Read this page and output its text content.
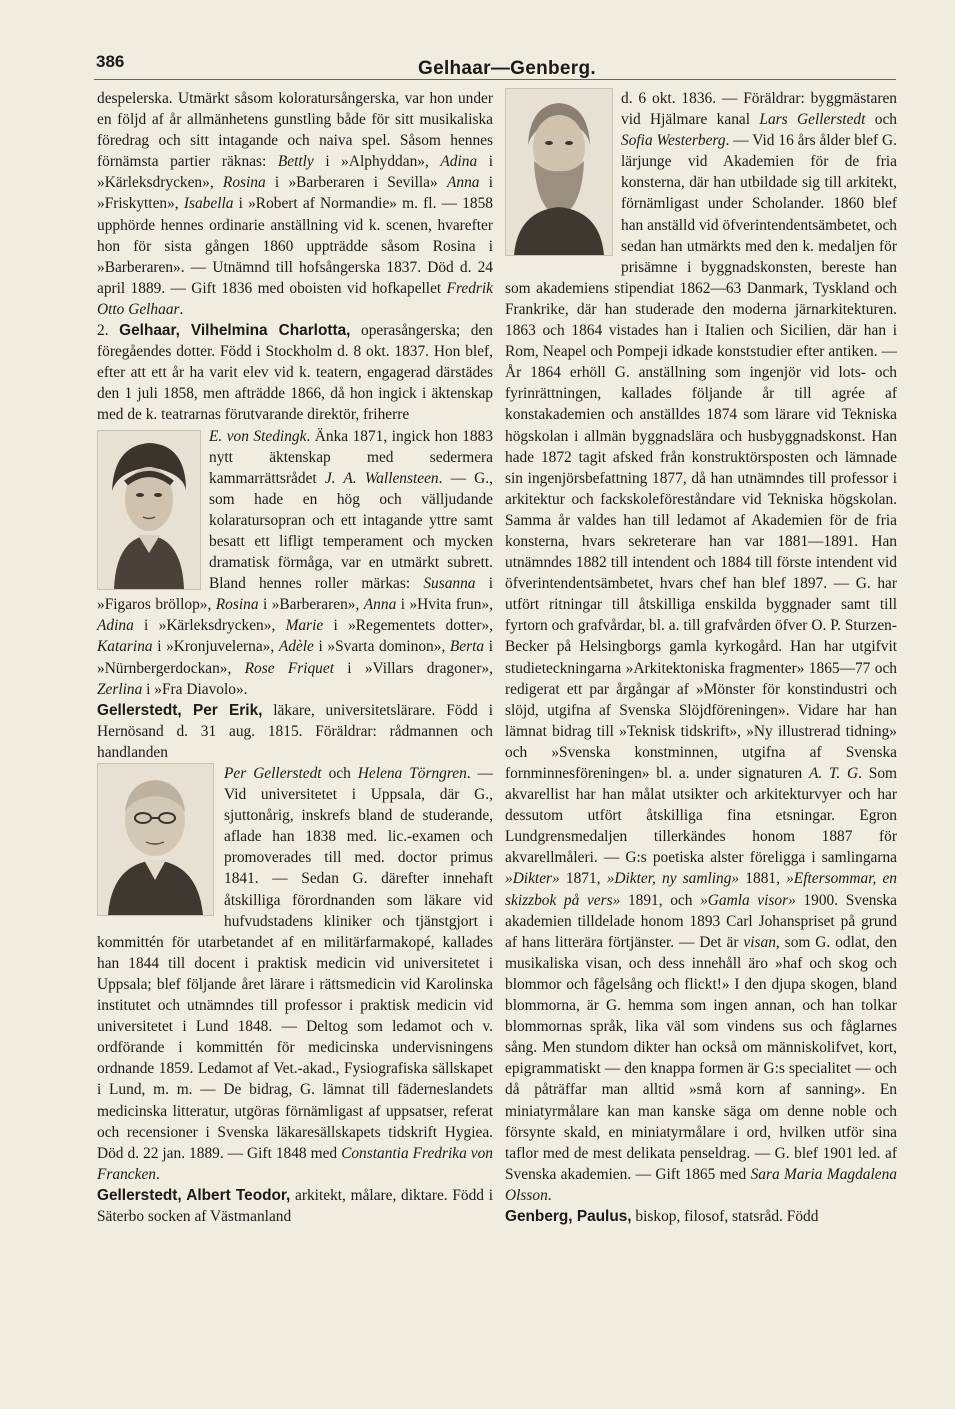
386	Gelhaar—Genberg.

despelerska. Utmärkt såsom koloratursångerska, var hon under en följd af år allmänhetens gunstling både för sitt musikaliska föredrag och sitt intagande och naiva spel. Såsom hennes förnämsta partier räknas: Bettly i »Alphyddan», Adina i »Kärleksdrycken», Rosina i »Barberaren i Sevilla» Anna i »Friskytten», Isabella i »Robert af Normandie» m. fl. — 1858 upphörde hennes ordinarie anställning vid k. scenen, hvarefter hon för sista gången 1860 uppträdde såsom Rosina i »Barberaren». — Utnämnd till hofsångerska 1837. Död d. 24 april 1889. — Gift 1836 med oboisten vid hofkapellet Fredrik Otto Gelhaar.

2. Gelhaar, Vilhelmina Charlotta, operasångerska; den föregåendes dotter. Född i Stockholm d. 8 okt. 1837. Hon blef, efter att ett år ha varit elev vid k. teatern, engagerad därstädes den 1 juli 1858, men afträdde 1866, då hon ingick i äktenskap med de k. teatrarnas förutvarande direktör, friherre

E. von Stedingk. Änka 1871, ingick hon 1883 nytt äktenskap med sedermera kammarrättsrådet J. A. Wallensteen. — G., som hade en hög och välljudande kolaratursopran och ett intagande yttre samt besatt ett lifligt temperament och mycken dramatisk förmåga, var en utmärkt subrett. Bland hennes roller märkas: Susanna i »Figaros bröllop», Rosina i »Barberaren», Anna i »Hvita frun», Adina i »Kärleksdrycken», Marie i »Regementets dotter», Katarina i »Kronjuvelerna», Adèle i »Svarta dominon», Berta i »Nürnbergerdockan», Rose Friquet i »Villars dragoner», Zerlina i »Fra Diavolo».

Gellerstedt, Per Erik, läkare, universitetslärare. Född i Hernösand d. 31 aug. 1815. Föräldrar: rådmannen och handlanden

Per Gellerstedt och Helena Törngren. — Vid universitetet i Uppsala, där G., sjuttonårig, inskrefs bland de studerande, aflade han 1838 med. lic.-examen och promoverades till med. doctor primus 1841. — Sedan G. därefter innehaft åtskilliga förordnanden som läkare vid hufvudstadens kliniker och tjänstgjort i kommittén för utarbetandet af en militärfarmakopé, kallades han 1844 till docent i praktisk medicin vid universitetet i Uppsala; blef följande året lärare i rättsmedicin vid Karolinska institutet och utnämndes till professor i praktisk medicin vid universitetet i Lund 1848. — Deltog som ledamot och v. ordförande i kommittén för medicinska undervisningens ordnande 1859. Ledamot af Vet.-akad., Fysiografiska sällskapet i Lund, m. m. — De bidrag, G. lämnat till fäderneslandets medicinska litteratur, utgöras förnämligast af uppsatser, referat och recensioner i Svenska läkaresällskapets tidskrift Hygiea. Död d. 22 jan. 1889. — Gift 1848 med Constantia Fredrika von Francken.

Gellerstedt, Albert Teodor, arkitekt, målare, diktare. Född i Säterbo socken af Västmanland

d. 6 okt. 1836. — Föräldrar: byggmästaren vid Hjälmare kanal Lars Gellerstedt och Sofia Westerberg. — Vid 16 års ålder blef G. lärjunge vid Akademien för de fria konsterna, där han utbildade sig till arkitekt, förnämligast under Scholander. 1860 blef han anställd vid öfverintendentsämbetet, och sedan han utmärkts med den k. medaljen för prisämne i byggnadskonsten, bereste han som akademiens stipendiat 1862—63 Danmark, Tyskland och Frankrike, där han studerade den moderna järnarkitekturen. 1863 och 1864 vistades han i Italien och Sicilien, där han i Rom, Neapel och Pompeji idkade konststudier efter antiken. — År 1864 erhöll G. anställning som ingenjör vid lots- och fyrinrättningen, kallades följande år till agrée af konstakademien och anställdes 1874 som lärare vid Tekniska högskolan i allmän byggnadslära och husbyggnadskonst. Han hade 1872 tagit afsked från konstruktörsposten och lämnade sin ingenjörsbefattning 1877, då han utnämndes till professor i arkitektur och fackskoleföreståndare vid Tekniska högskolan. Samma år valdes han till ledamot af Akademien för de fria konsterna, hvars sekreterare han var 1881—1891. Han utnämndes 1882 till intendent och 1884 till förste intendent vid öfverintendentsämbetet, hvars chef han blef 1897. — G. har utfört ritningar till åtskilliga enskilda byggnader samt till fyrtorn och grafvårdar, bl. a. till grafvården öfver O. P. Sturzen-Becker på Helsingborgs gamla kyrkogård. Han har utgifvit studieteckningarna »Arkitektoniska fragmenter» 1865—77 och redigerat ett par årgångar af »Mönster för konstindustri och slöjd, utgifna af Svenska Slöjdföreningen». Vidare har han lämnat bidrag till »Teknisk tidskrift», »Ny illustrerad tidning» och »Svenska konstminnen, utgifna af Svenska fornminnesföreningen» bl. a. under signaturen A. T. G. Som akvarellist har han målat utsikter och arkitekturvyer och har dessutom utfört åtskilliga fina etsningar. Egron Lundgrensmedaljen tillerkändes honom 1887 för akvarellmåleri. — G:s poetiska alster föreligga i samlingarna »Dikter» 1871, »Dikter, ny samling» 1881, »Eftersommar, en skizzbok på vers» 1891, och »Gamla visor» 1900. Svenska akademien tilldelade honom 1893 Carl Johanspriset på grund af hans litterära förtjänster. — Det är visan, som G. odlat, den musikaliska visan, och dess innehåll äro »haf och skog och blommor och fågelsång och flickt!» I den djupa skogen, bland blommorna, är G. hemma som ingen annan, och han tolkar blommornas språk, lika väl som vindens sus och fåglarnes sång. Men stundom dikter han också om människolifvet, kort, epigrammatiskt — den knappa formen är G:s specialitet — och då påträffar man alltid »små korn af sanning». En miniatyrmålare kan man kanske säga om denne noble och försynte skald, en miniatyrmålare i ord, hvilken utför sina taflor med de mest delikata penseldrag. — G. blef 1901 led. af Svenska akademien. — Gift 1865 med Sara Maria Magdalena Olsson.

Genberg, Paulus, biskop, filosof, statsråd. Född
